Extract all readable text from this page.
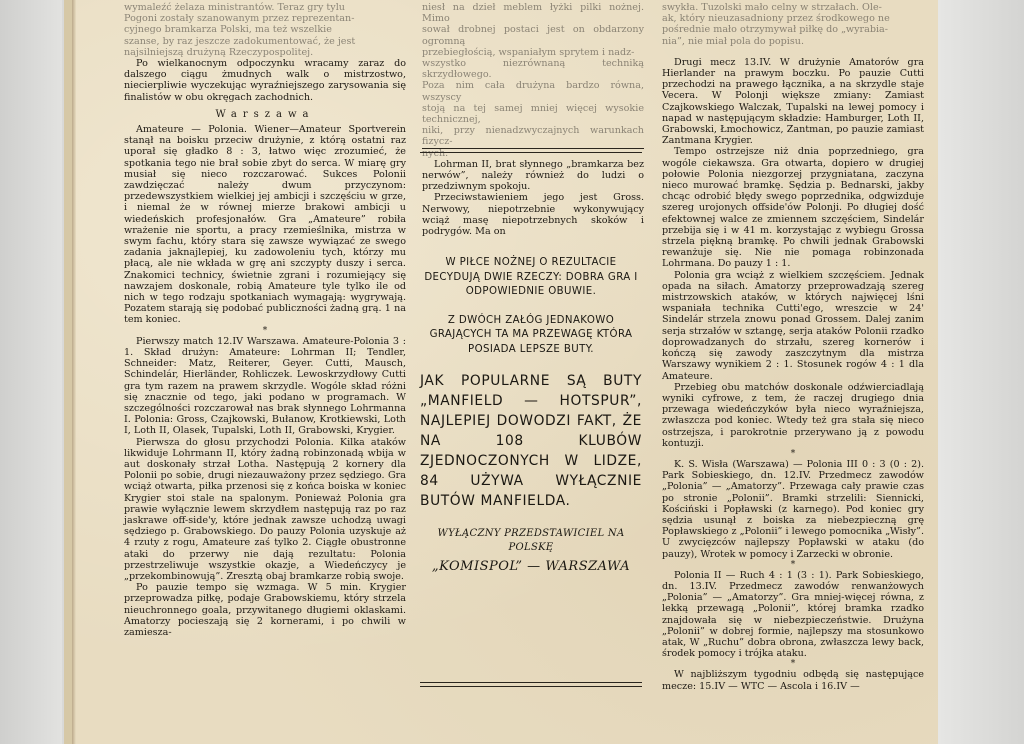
wymaleźć żelaza ministrantów. Teraz gry tylu

Pogoni zostały szanowanym przez reprezentan-

cyjnego bramkarza Polski, ma też wszelkie

szanse, by raz jeszcze zadokumentować, że jest

najsilniejszą drużyną Rzeczypospolitej.

Po wielkanocnym odpoczynku wracamy zaraz do dalszego ciągu żmudnych walk o mistrzostwo, niecierpliwie wyczekując wyraźniejszego zarysowania się finalistów w obu okręgach zachodnich.

Warszawa

Amateure — Polonia. Wiener—Amateur Sportverein stanął na boisku przeciw drużynie, z którą ostatni raz uporał się gładko 8 : 3, łatwo więc zrozumieć, że spotkania tego nie brał sobie zbyt do serca. W miarę gry musiał się nieco rozczarować. Sukces Polonii zawdzięczać należy dwum przyczynom: przedewszystkiem wielkiej jej ambicji i szczęściu w grze, i niemal że w równej mierze brakowi ambicji u wiedeńskich profesjonałów. Gra „Amateure” robiła wrażenie nie sportu, a pracy rzemieślnika, mistrza w swym fachu, który stara się zawsze wywiązać ze swego zadania jaknajlepiej, ku zadowoleniu tych, którzy mu płacą, ale nie wkłada w grę ani szczypty duszy i serca. Znakomici technicy, świetnie zgrani i rozumiejący się nawzajem doskonale, robią Amateure tyle tylko ile od nich w tego rodzaju spotkaniach wymagają: wygrywają. Pozatem starają się podobać publiczności żadną grą. 1 na tem koniec.

*

Pierwszy match 12.IV Warszawa. Amateure-Polonia 3 : 1. Skład drużyn: Amateure: Lohrman II; Tendler, Schneider: Matz, Reiterer, Geyer. Cutti, Mausch, Schindelár, Hierländer, Rohliczek. Lewoskrzydłowy Cutti gra tym razem na prawem skrzydle. Wogóle skład różni się znacznie od tego, jaki podano w programach. W szczególności rozczarował nas brak słynnego Lohrmanna I. Polonia: Gross, Czajkowski, Bułanow, Krotkiewski, Loth I, Loth II, Olasek, Tupalski, Loth II, Grabowski, Krygier.

Pierwsza do głosu przychodzi Polonia. Kilka ataków likwiduje Lohrmann II, który żadną robinzonadą wbija w aut doskonały strzał Lotha. Następują 2 kornery dla Polonii po sobie, drugi niezauważony przez sędziego. Gra wciąż otwarta, piłka przenosi się z końca boiska w koniec Krygier stoi stale na spalonym. Ponieważ Polonia gra prawie wyłącznie lewem skrzydłem następują raz po raz jaskrawe off-side'y, które jednak zawsze uchodzą uwagi sędziego p. Grabowskiego. Do pauzy Polonia uzyskuje aż 4 rzuty z rogu, Amateure zaś tylko 2. Ciągłe obustronne ataki do przerwy nie dają rezultatu: Polonia przestrzeliwuje wszystkie okazje, a Wiedeńczycy je „przekombinowują”. Zresztą obaj bramkarze robią swoje.

Po pauzie tempo się wzmaga. W 5 min. Krygier przeprowadza piłkę, podaje Grabowskiemu, który strzela nieuchronnego goala, przywitanego długiemi oklaskami. Amatorzy pocieszają się 2 kornerami, i po chwili w zamiesza-

niesł na dzieł meblem łyżki pilki nożnej. Mimo

sował drobnej postaci jest on obdarzony ogromną

przebiegłością, wspaniałym sprytem i nadz-

wszystko niezrównaną techniką skrzydłowego.

Poza nim cała drużyna bardzo równa, wszyscy

stoją na tej samej mniej więcej wysokie technicznej,

niki, przy nienadzwyczajnych warunkach fizycz-

nych.

Lohrman II, brat słynnego „bramkarza bez nerwów”, należy również do ludzi o przedziwnym spokoju.

Przeciwstawieniem jego jest Gross. Nerwowy, niepotrzebnie wykonywujący wciąż masę niepotrzebnych skoków i podrygów. Ma on

W PIŁCE NOŻNEJ O REZULTACIE DECYDUJĄ DWIE RZECZY: DOBRA GRA I ODPOWIEDNIE OBUWIE.

Z DWÓCH ZAŁÓG JEDNAKOWO GRAJĄCYCH TA MA PRZEWAGĘ KTÓRA POSIADA LEPSZE BUTY.

JAK POPULARNE SĄ BUTY „MANFIELD — HOTSPUR”, NAJLEPIEJ DOWODZI FAKT, ŻE NA 108 KLUBÓW ZJEDNOCZONYCH W LIDZE, 84 UŻYWA WYŁĄCZNIE BUTÓW MANFIELDA.
WYŁĄCZNY PRZEDSTAWICIEL NA POLSKĘ
„KOMISPOL” — WARSZAWA

swykła. Tuzolski mało celny w strzałach. Ole-

ak, który nieuzasadniony przez środkowego ne

pośrednie mało otrzymywał piłkę do „wyrabia-

nia”, nie miał pola do popisu.

Drugi mecz 13.IV. W drużynie Amatorów gra Hierlander na prawym boczku. Po pauzie Cutti przechodzi na prawego łącznika, a na skrzydle staje Vecera. W Polonji większe zmiany: Zamiast Czajkowskiego Walczak, Tupalski na lewej pomocy i napad w następującym składzie: Hamburger, Loth II, Grabowski, Łmochowicz, Zantman, po pauzie zamiast Zantmana Krygier.

Tempo ostrzejsze niż dnia poprzedniego, gra wogóle ciekawsza. Gra otwarta, dopiero w drugiej połowie Polonia niezgorzej przygniatana, zaczyna nieco murować bramkę. Sędzia p. Bednarski, jakby chcąc odrobić błędy swego poprzednika, odgwizduje szereg urojonych offside'ów Polonji. Po długiej dość efektownej walce ze zmiennem szczęściem, Sindelár przebija się i w 41 m. korzystając z wybiegu Grossa strzela piękną bramkę. Po chwili jednak Grabowski rewanżuje się. Nie nie pomaga robinzonada Lohrmana. Do pauzy 1 : 1.

Polonia gra wciąż z wielkiem szczęściem. Jednak opada na siłach. Amatorzy przeprowadzają szereg mistrzowskich ataków, w których najwięcej lśni wspaniała technika Cutti'ego, wreszcie w 24' Sindelár strzela znowu ponad Grossem. Dalej zanim serja strzałów w sztangę, serja ataków Polonii rzadko doprowadzanych do strzału, szereg kornerów i kończą się zawody zaszczytnym dla mistrza Warszawy wynikiem 2 : 1. Stosunek rogów 4 : 1 dla Amateure.

Przebieg obu matchów doskonale odźwierciadlają wyniki cyfrowe, z tem, że raczej drugiego dnia przewaga wiedeńczyków była nieco wyraźniejsza, zwłaszcza pod koniec. Wtedy też gra stała się nieco ostrzejsza, i parokrotnie przerywano ją z powodu kontuzji.

*

K. S. Wisła (Warszawa) — Polonia III 0 : 3 (0 : 2). Park Sobieskiego, dn. 12.IV. Przedmecz zawodów „Polonia” — „Amatorzy”. Przewaga cały prawie czas po stronie „Polonii”. Bramki strzelili: Siennicki, Kościński i Popławski (z karnego). Pod koniec gry sędzia usunął z boiska za niebezpieczną grę Popławskiego z „Polonii” i lewego pomocnika „Wisły”. U zwycięzców najlepszy Popławski w ataku (do pauzy), Wrotek w pomocy i Zarzecki w obronie.

*

Polonia II — Ruch 4 : 1 (3 : 1). Park Sobieskiego, dn. 13.IV. Przedmecz zawodów renwanżowych „Polonia” — „Amatorzy”. Gra mniej-więcej równa, z lekką przewagą „Polonii”, której bramka rzadko znajdowała się w niebezpieczeństwie. Drużyna „Polonii” w dobrej formie, najlepszy ma stosunkowo atak, W „Ruchu” dobra obrona, zwłaszcza lewy back, środek pomocy i trójka ataku.

*

W najbliższym tygodniu odbędą się następujące mecze: 15.IV — WTC — Ascola i 16.IV —
